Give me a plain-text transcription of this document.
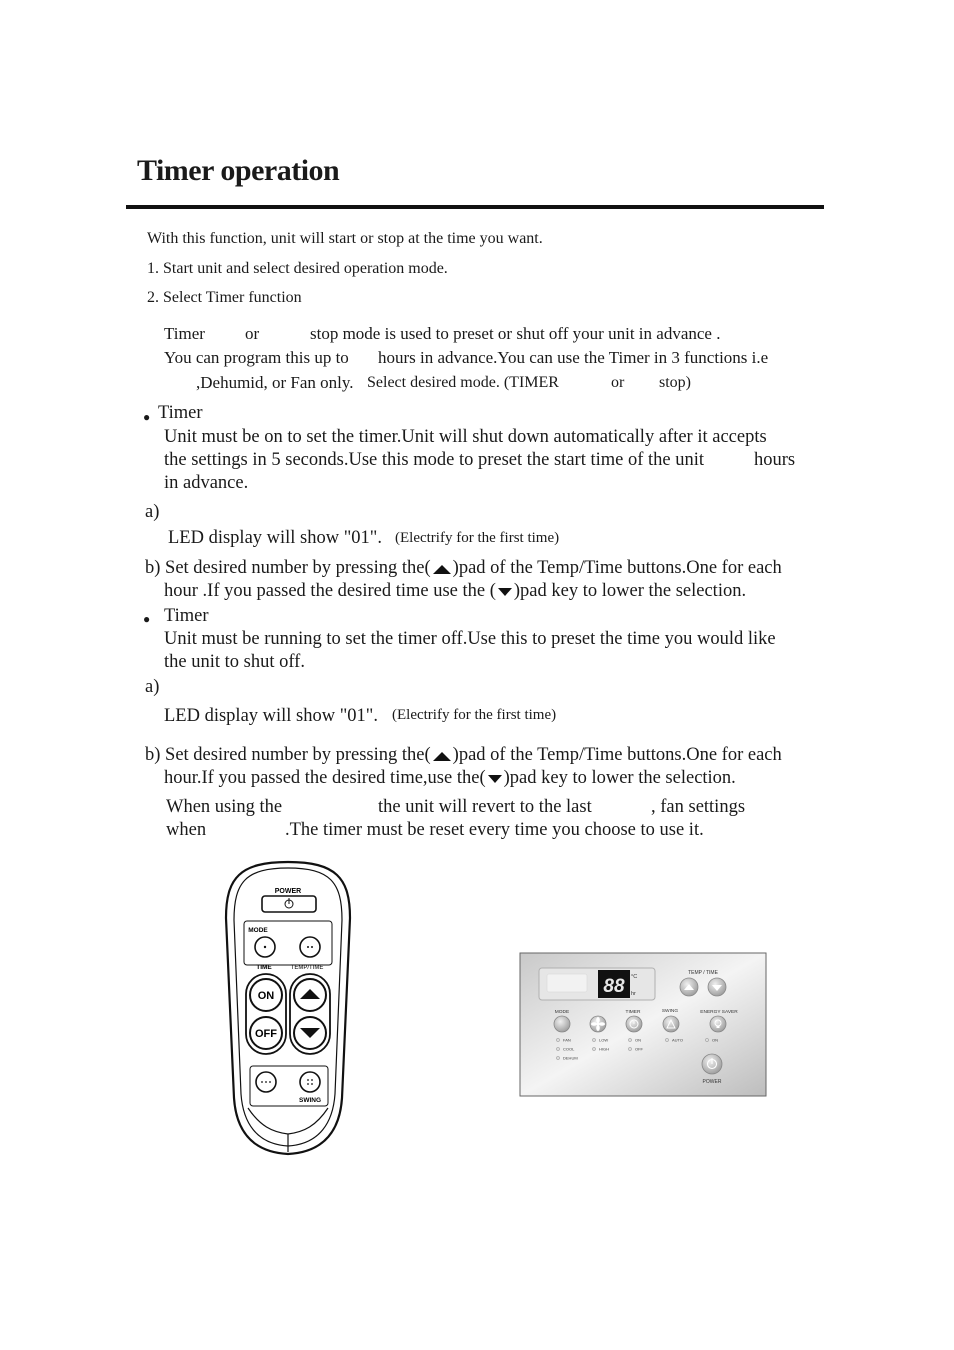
Timer operation
With this function, unit will start or stop at the time you want.
1. Start unit and select desired operation mode.
2. Select Timer function
Timer or	stop mode is used to preset or shut off your unit in advance .
You can program this up to hours in advance.You can use the Timer in 3 functions i.e
,Dehumid, or Fan only. Select desired mode. (TIMER	or stop)
● Timer
Unit must be on to set the timer.Unit will shut down automatically after it accepts
the settings in 5 seconds.Use this mode to preset the start time of the unit	hours
in advance.
a)
LED display will show "01". (Electrify for the first time)
b) Set desired number by pressing the( )pad of the Temp/Time buttons.One for each
hour .If you passed the desired time use the ( )pad key to lower the selection.
● Timer
Unit must be running to set the timer off.Use this to preset the time you would like
the unit to shut off.
a)
LED display will show "01". (Electrify for the first time)
b) Set desired number by pressing the( )pad of the Temp/Time buttons.One for each
hour.If you passed the desired time,use the( )pad key to lower the selection.
When using the	the unit will revert to the last	, fan settings
when	.The timer must be reset every time you choose to use it.
POWER
MODE
TIME	TEMP/TIME
ON
OFF
SWING
88 °C
hr
TEMP / TIME
MODE	TIMER	SWING	ENERGY SAVER
FAN
COOL
DEHUM
LOW
HIGH
ON
OFF
AUTO	ON
POWER
